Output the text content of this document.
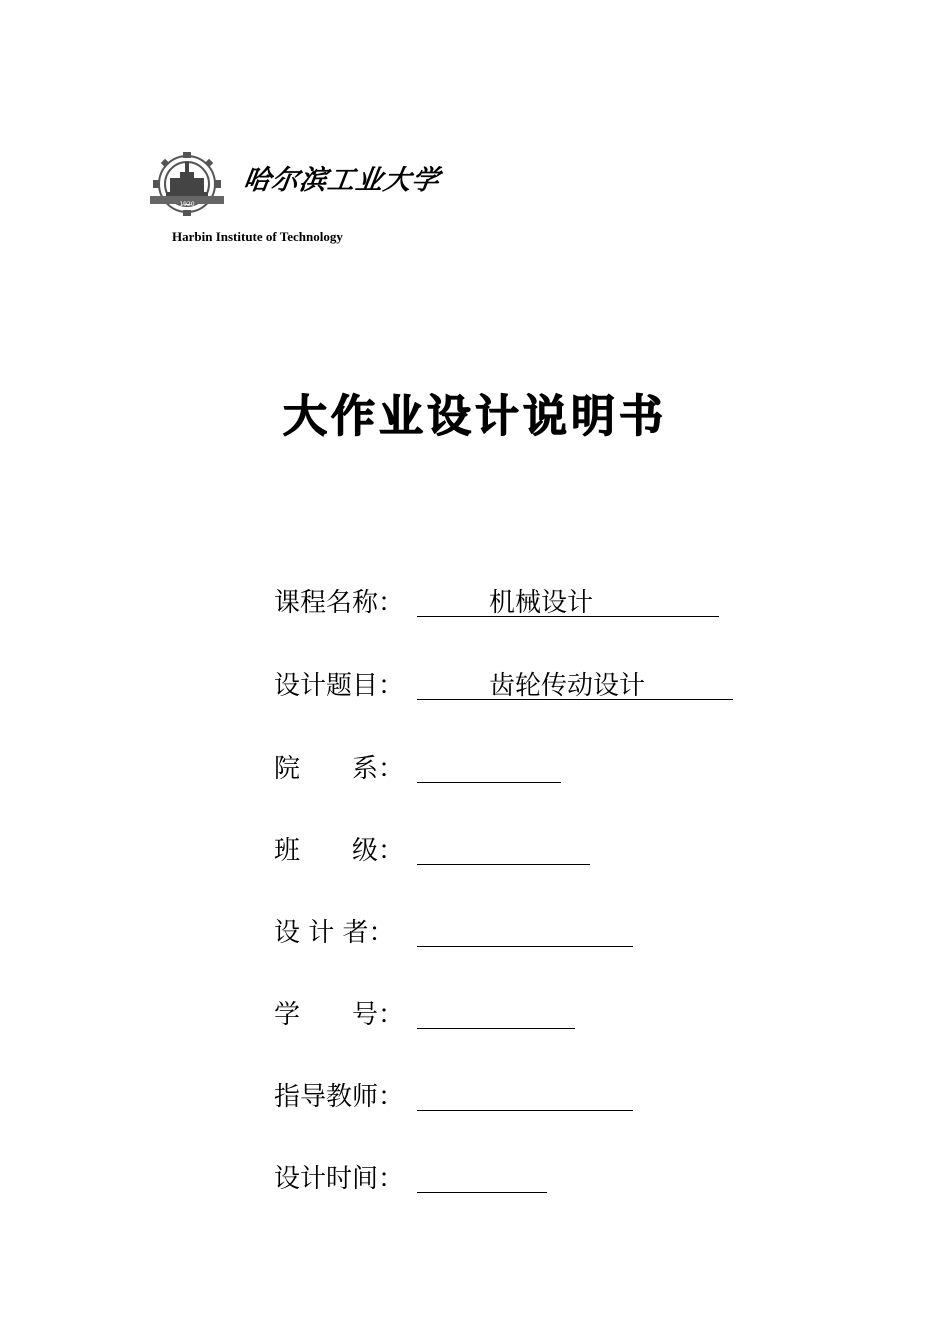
1920
哈尔滨工业大学
Harbin Institute of Technology
大作业设计说明书
课程名称：	机械设计
设计题目：	齿轮传动设计
院　　系：
班　　级：
设 计 者：
学　　号：
指导教师：
设计时间：
